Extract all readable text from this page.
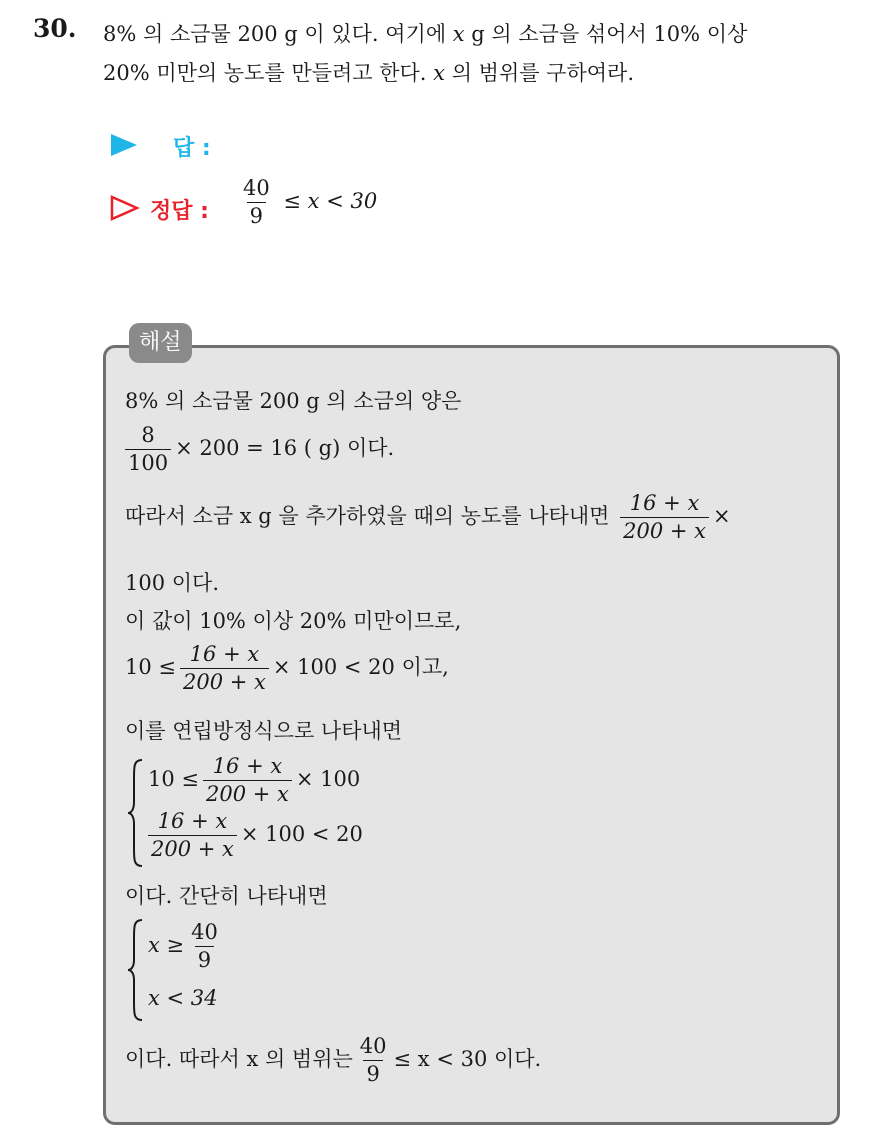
30. 8% 의 소금물 200 g 이 있다. 여기에 x g 의 소금을 섞어서 10% 이상
20% 미만의 농도를 만들려고 한다. x 의 범위를 구하여라.
답 :
정답 : $\frac{40}{9} \le x < 30$
해설
8% 의 소금물 200 g 의 소금의 양은
$\frac{8}{100} \times 200 = 16$ ( g) 이다.
따라서 소금 x g 을 추가하였을 때의 농도를 나타내면 $\frac{16 + x}{200 + x}$ ×
100 이다.
이 값이 10% 이상 20% 미만이므로,
$10 \le \frac{16 + x}{200 + x} \times 100 < 20$ 이고,
이를 연립방정식으로 나타내면
$10 \le \frac{16 + x}{200 + x} \times 100$
$\frac{16 + x}{200 + x} \times 100 < 20$
이다. 간단히 나타내면
$x \ge \frac{40}{9}$
x < 34
이다. 따라서 x 의 범위는 $\frac{40}{9} \le x < 30$ 이다.
